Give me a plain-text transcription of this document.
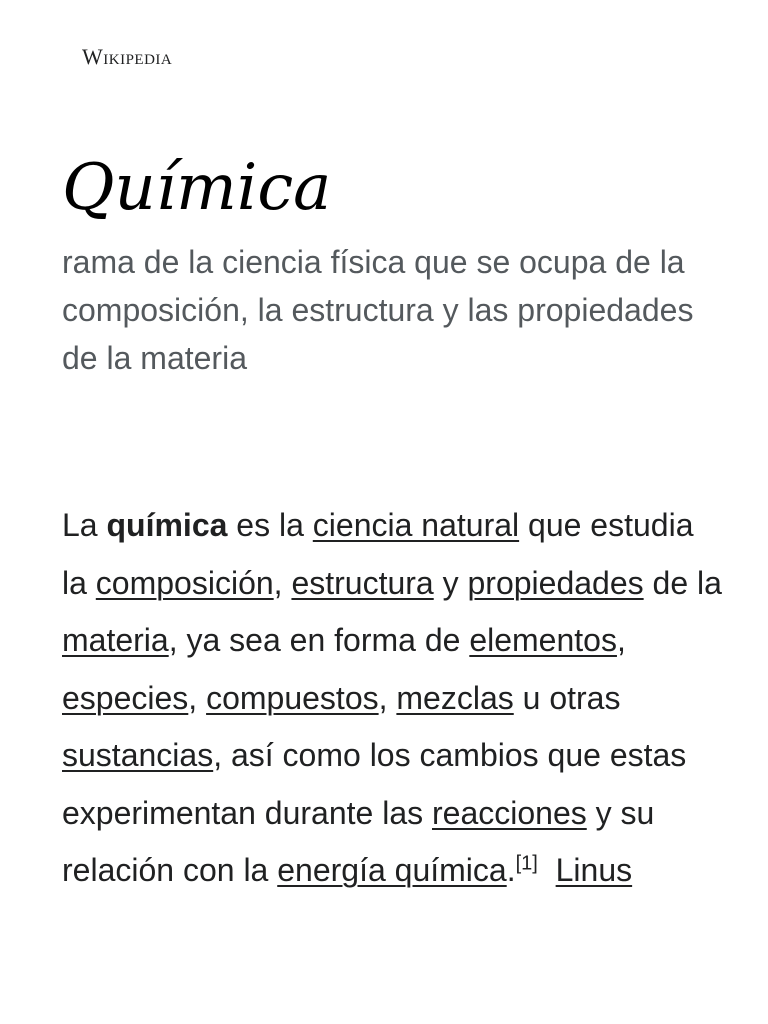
Wikipedia
Química

rama de la ciencia física que se ocupa de la composición, la estructura y las propiedades de la materia

La química es la ciencia natural que estudia la composición, estructura y propiedades de la materia, ya sea en forma de elementos, especies, compuestos, mezclas u otras sustancias, así como los cambios que estas experimentan durante las reacciones y su relación con la energía química.[1] Linus
